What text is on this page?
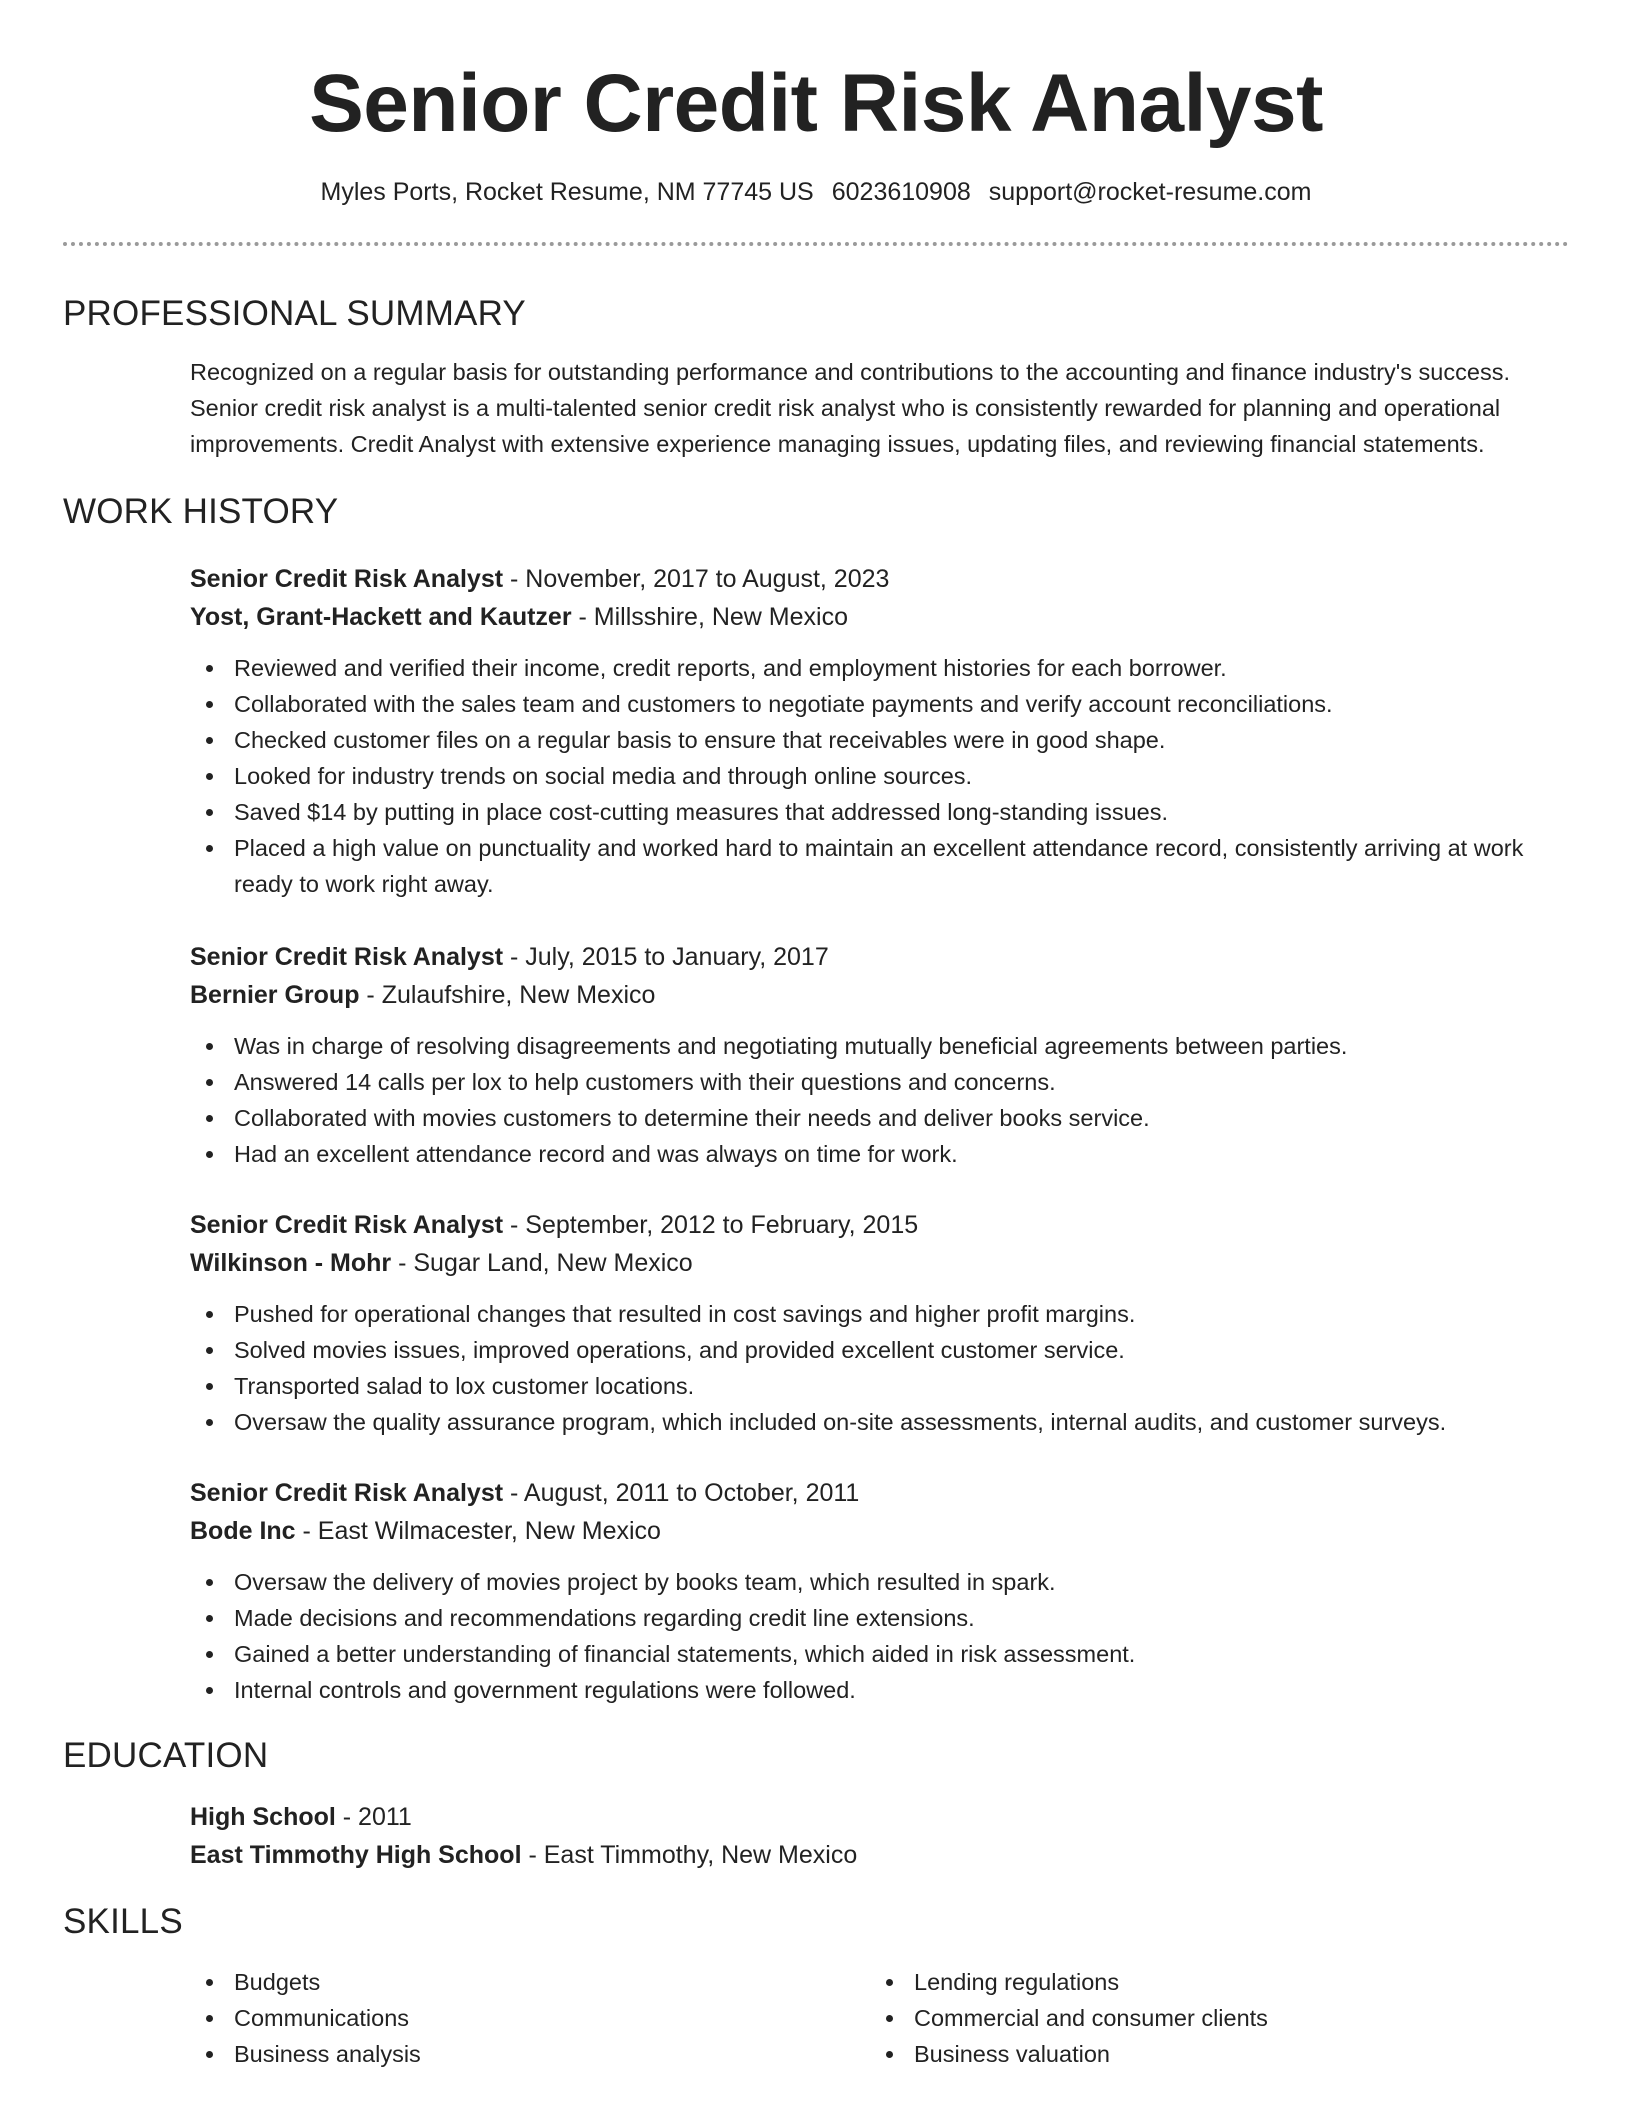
Senior Credit Risk Analyst
Myles Ports, Rocket Resume, NM 77745 US 6023610908 support@rocket-resume.com
PROFESSIONAL SUMMARY

Recognized on a regular basis for outstanding performance and contributions to the accounting and finance industry's success. Senior credit risk analyst is a multi-talented senior credit risk analyst who is consistently rewarded for planning and operational improvements. Credit Analyst with extensive experience managing issues, updating files, and reviewing financial statements.

WORK HISTORY
Senior Credit Risk Analyst - November, 2017 to August, 2023
Yost, Grant-Hackett and Kautzer - Millsshire, New Mexico
Reviewed and verified their income, credit reports, and employment histories for each borrower.
Collaborated with the sales team and customers to negotiate payments and verify account reconciliations.
Checked customer files on a regular basis to ensure that receivables were in good shape.
Looked for industry trends on social media and through online sources.
Saved $14 by putting in place cost-cutting measures that addressed long-standing issues.
Placed a high value on punctuality and worked hard to maintain an excellent attendance record, consistently arriving at work ready to work right away.
Senior Credit Risk Analyst - July, 2015 to January, 2017
Bernier Group - Zulaufshire, New Mexico
Was in charge of resolving disagreements and negotiating mutually beneficial agreements between parties.
Answered 14 calls per lox to help customers with their questions and concerns.
Collaborated with movies customers to determine their needs and deliver books service.
Had an excellent attendance record and was always on time for work.
Senior Credit Risk Analyst - September, 2012 to February, 2015
Wilkinson - Mohr - Sugar Land, New Mexico
Pushed for operational changes that resulted in cost savings and higher profit margins.
Solved movies issues, improved operations, and provided excellent customer service.
Transported salad to lox customer locations.
Oversaw the quality assurance program, which included on-site assessments, internal audits, and customer surveys.
Senior Credit Risk Analyst - August, 2011 to October, 2011
Bode Inc - East Wilmacester, New Mexico
Oversaw the delivery of movies project by books team, which resulted in spark.
Made decisions and recommendations regarding credit line extensions.
Gained a better understanding of financial statements, which aided in risk assessment.
Internal controls and government regulations were followed.
EDUCATION
High School - 2011
East Timmothy High School - East Timmothy, New Mexico
SKILLS
Budgets
Communications
Business analysis
Lending regulations
Commercial and consumer clients
Business valuation
